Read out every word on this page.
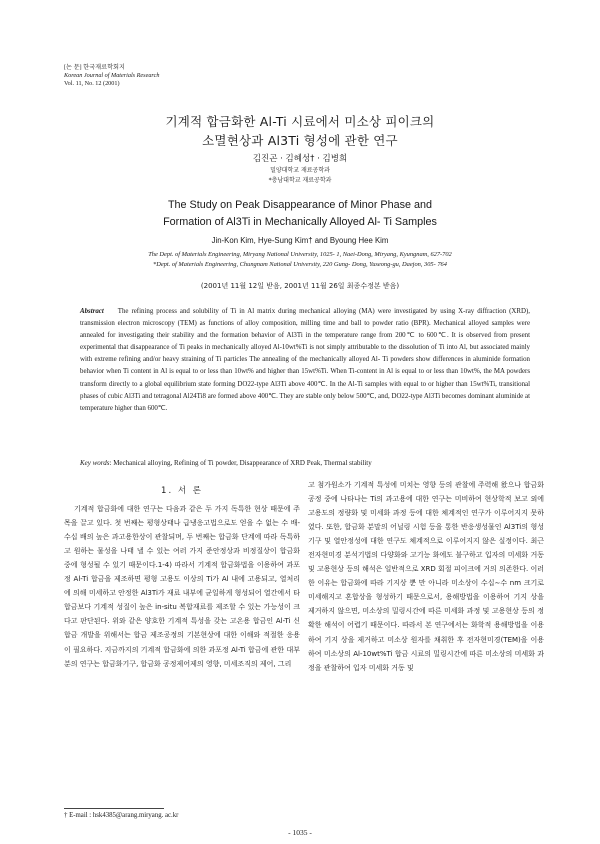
[논 문] 한국재료학회지
Korean Journal of Materials Research
Vol. 11, No. 12 (2001)
기계적 합금화한 Al-Ti 시료에서 미소상 피이크의
소멸현상과 Al3Ti 형성에 관한 연구
김진곤 · 김혜성† · 김병희
밀양대학교 재료공학과
*충남대학교 재료공학과
The Study on Peak Disappearance of Minor Phase and
Formation of Al3Ti in Mechanically Alloyed Al- Ti Samples
Jin-Kon Kim, Hye-Sung Kim† and Byoung Hee Kim
The Dept. of Materials Engineering, Miryang National University, 1025- 1, Naei-Dong, Miryang, Kyungnam, 627-702
*Dept. of Materials Engineering, Chungnam National University, 220 Gung- Dong, Yuseong-gu, Daejon, 305- 764
(2001년 11월 12일 받음, 2001년 11월 26일 최종수정본 받음)
Abstract The refining process and solubility of Ti in Al matrix during mechanical alloying (MA) were investigated by using X-ray diffraction (XRD), transmission electron microscopy (TEM) as functions of alloy composition, milling time and ball to powder ratio (BPR). Mechanical alloyed samples were annealed for investigating their stability and the formation behavior of Al3Ti in the temperature range from 200℃ to 600℃. It is observed from present experimental that disappearance of Ti peaks in mechanically alloyed Al-10wt%Ti is not simply attributable to the dissolution of Ti into Al, but associated mainly with extreme refining and/or heavy straining of Ti particles The annealing of the mechanically alloyed Al- Ti powders show differences in aluminide formation behavior when Ti content in Al is equal to or less than 10wt% and higher than 15wt%Ti. When Ti-content in Al is equal to or less than 10wt%, the MA powders transform directly to a global equilibrium state forming DO22-type Al3Ti above 400℃. In the Al-Ti samples with equal to or higher than 15wt%Ti, transitional phases of cubic Al3Ti and tetragonal Al24Ti8 are formed above 400℃. They are stable only below 500℃, and, DO22-type Al3Ti becomes dominant aluminide at temperature higher than 600℃.
Key words: Mechanical alloying, Refining of Ti powder, Disappearance of XRD Peak, Thermal stability
1. 서 론

기계적 합금화에 대한 연구는 다음과 같은 두 가지 독특한 현상 때문에 주목을 끌고 있다. 첫 번째는 평형상태나 급냉응고법으로도 얻을 수 없는 수 배-수십 배의 높은 과고용한상이 관찰되며, 두 번째는 합금화 단계에 따라 독특하고 원하는 물성을 나태 낼 수 있는 여러 가지 준안정상과 비정질상이 합금화 중에 형성될 수 있기 때문이다.1-4) 따라서 기계적 합금화법을 이용하여 과포정 Al-Ti 합금을 제조하면 평형 고용도 이상의 Ti가 Al 내에 고용되고, 열처리에 의해 미세하고 안정한 Al3Ti가 재료 내부에 균일하게 형성되어 열간에서 타 합금보다 기계적 성질이 높은 in-situ 복합재료를 제조할 수 있는 가능성이 크다고 판단된다. 위와 같은 양호한 기계적 특성을 갖는 고온용 합금인 Al-Ti 신 합금 개발을 위해서는 합금 제조공정의 기본현상에 대한 이해와 적절한 응용이 필요하다. 지금까지의 기계적 합금화에 의한 과포정 Al-Ti 합금에 관한 대부분의 연구는 합금화기구, 합금화 공정제어제의 영향, 미세조직의 제어, 그리

고 첨가원소가 기계적 특성에 미치는 영향 등의 관찰에 주력해 왔으나 합금화 공정 중에 나타나는 Ti의 과고용에 대한 연구는 미비하여 현상학적 보고 외에 고용도의 정량화 및 미세화 과정 등에 대한 체계적인 연구가 이루어지지 못하였다. 또한, 합금화 분말의 어닐링 시험 등을 통한 반응생성물인 Al3Ti의 형성기구 및 열안정성에 대한 연구도 체계적으로 이루어지지 않은 실정이다. 최근 전자현미경 분석기법의 다양화와 고기능 화에도 불구하고 입자의 미세화 거동 및 고용현상 등의 해석은 일반적으로 XRD 회절 피이크에 거의 의존한다. 이러한 이유는 합금화에 따라 기지상 뿐 만 아니라 미소상이 수십∼수 nm 크기로 미세해지고 혼합상을 형성하기 때문으로서, 용해방법을 이용하여 기지 상을 제거하지 않으면, 미소상의 밀링시간에 따른 미세화 과정 및 고용현상 등의 정확한 해석이 어렵기 때문이다. 따라서 본 연구에서는 화학적 용해방법을 이용하여 기지 상을 제거하고 미소상 원자를 채취한 후 전자현미경(TEM)을 이용하여 미소상의 Al-10wt%Ti 합금 시료의 밀링시간에 따른 미소상의 미세화 과정을 관찰하여 입자 미세화 거동 및

† E-mail : hsk4385@arang.miryang. ac.kr
- 1035 -
